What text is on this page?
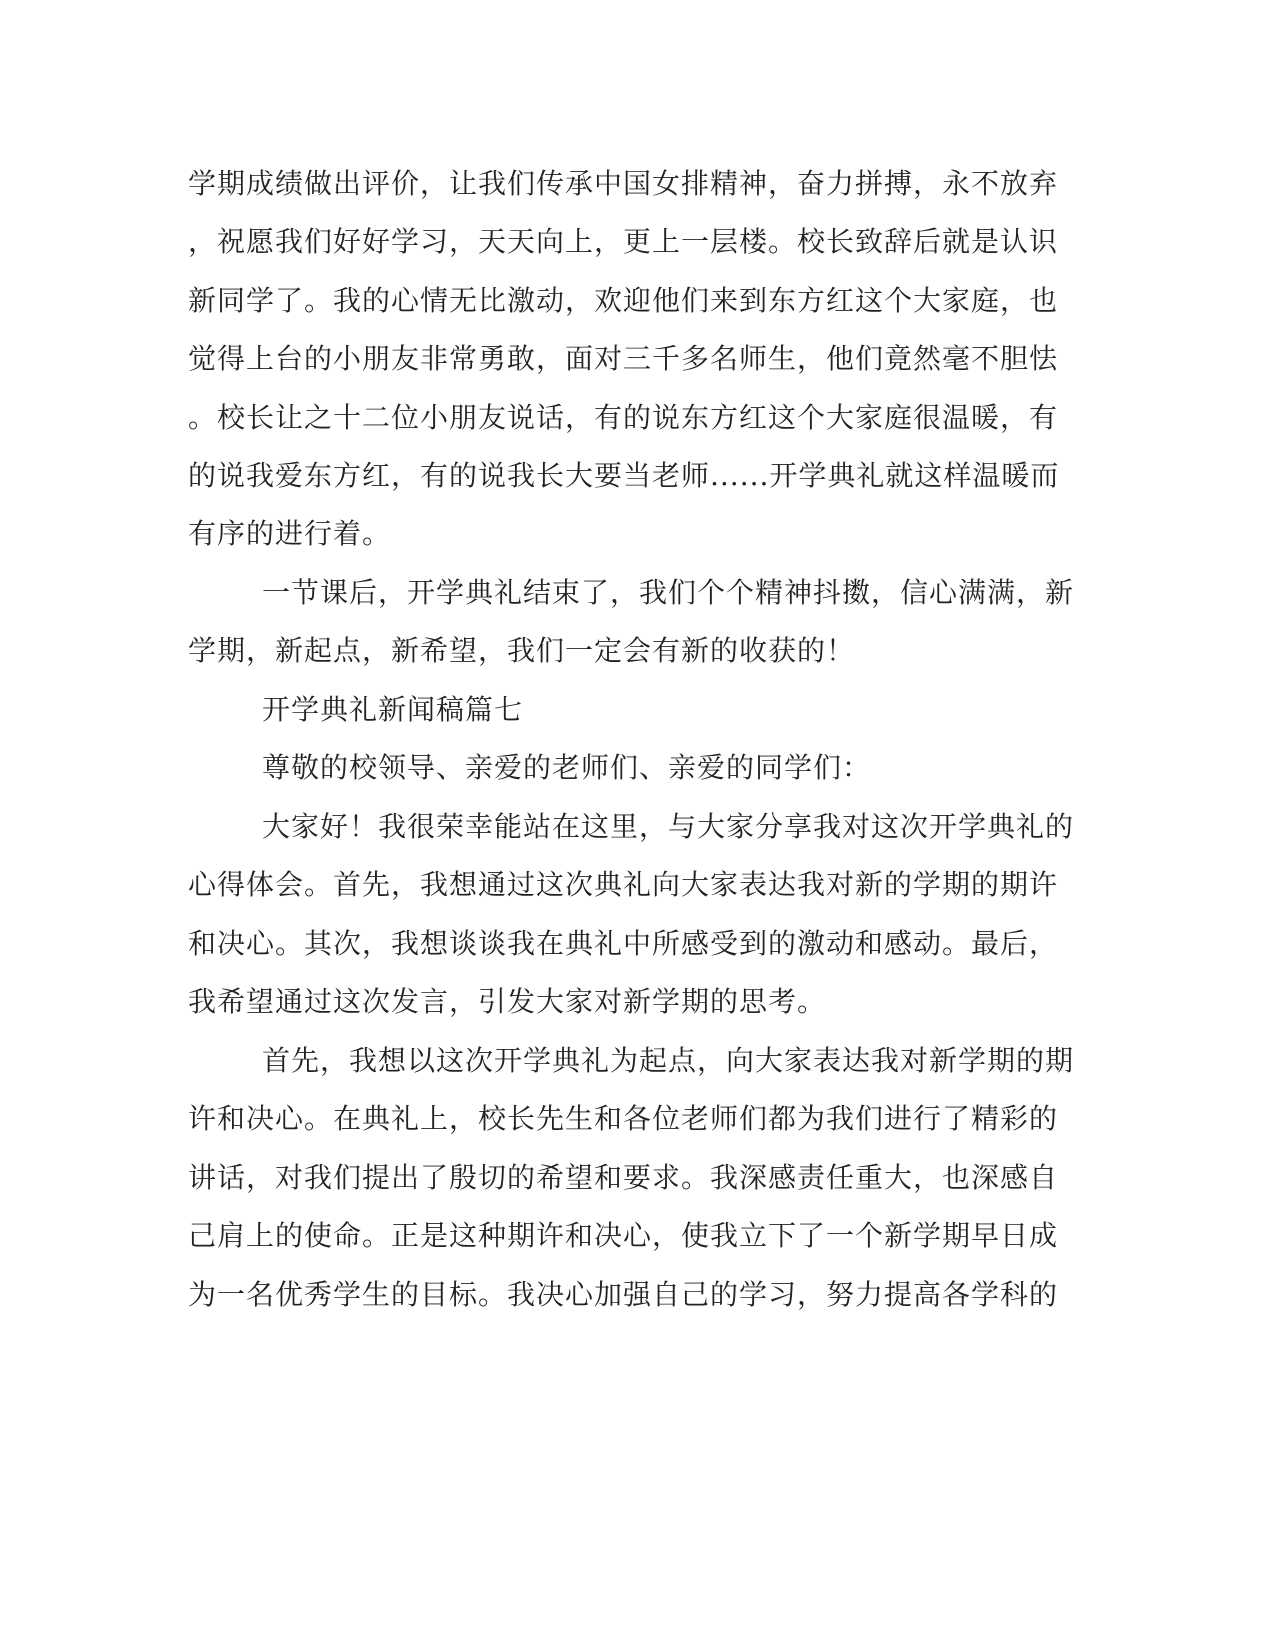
学期成绩做出评价，让我们传承中国女排精神，奋力拼搏，永不放弃
，祝愿我们好好学习，天天向上，更上一层楼。校长致辞后就是认识
新同学了。我的心情无比激动，欢迎他们来到东方红这个大家庭，也
觉得上台的小朋友非常勇敢，面对三千多名师生，他们竟然毫不胆怯
。校长让之十二位小朋友说话，有的说东方红这个大家庭很温暖，有
的说我爱东方红，有的说我长大要当老师......开学典礼就这样温暖而
有序的进行着。
一节课后，开学典礼结束了，我们个个精神抖擞，信心满满，新
学期，新起点，新希望，我们一定会有新的收获的！
开学典礼新闻稿篇七
尊敬的校领导、亲爱的老师们、亲爱的同学们：
大家好！我很荣幸能站在这里，与大家分享我对这次开学典礼的
心得体会。首先，我想通过这次典礼向大家表达我对新的学期的期许
和决心。其次，我想谈谈我在典礼中所感受到的激动和感动。最后，
我希望通过这次发言，引发大家对新学期的思考。
首先，我想以这次开学典礼为起点，向大家表达我对新学期的期
许和决心。在典礼上，校长先生和各位老师们都为我们进行了精彩的
讲话，对我们提出了殷切的希望和要求。我深感责任重大，也深感自
己肩上的使命。正是这种期许和决心，使我立下了一个新学期早日成
为一名优秀学生的目标。我决心加强自己的学习，努力提高各学科的
